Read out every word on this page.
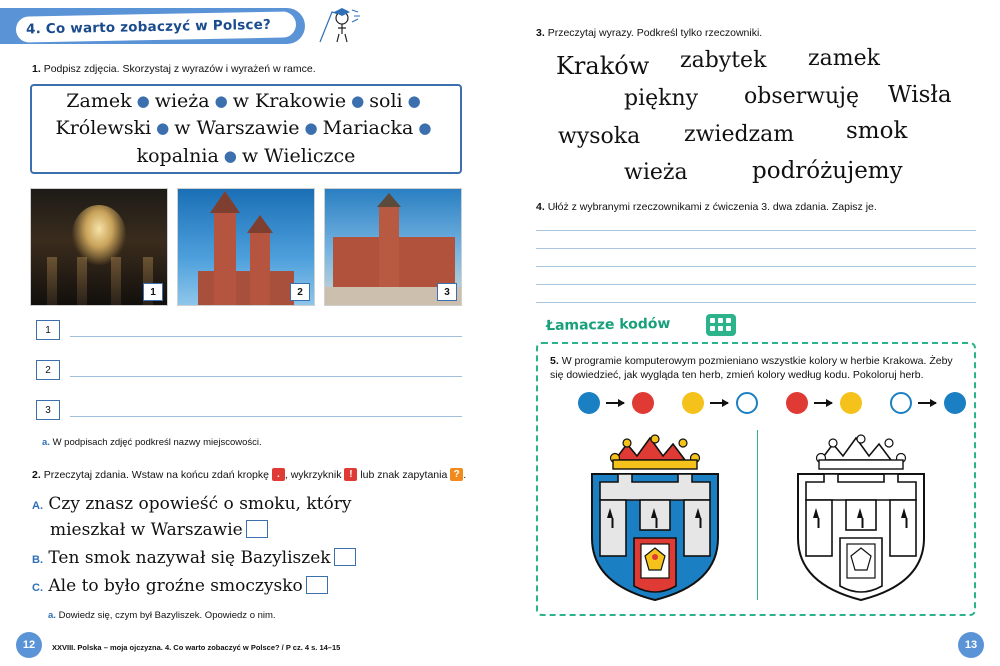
4. Co warto zobaczyć w Polsce?
1. Podpisz zdjęcia. Skorzystaj z wyrazów i wyrażeń w ramce.
Zamek ● wieża ● w Krakowie ● soli ●
Królewski ● w Warszawie ● Mariacka ●
kopalnia ● w Wieliczce
1	2	3
1
2
3
a. W podpisach zdjęć podkreśl nazwy miejscowości.
2. Przeczytaj zdania. Wstaw na końcu zdań kropkę . , wykrzyknik ! lub znak zapytania ? .
A. Czy znasz opowieść o smoku, który
mieszkał w Warszawie
B. Ten smok nazywał się Bazyliszek
C. Ale to było groźne smoczysko
a. Dowiedz się, czym był Bazyliszek. Opowiedz o nim.
XXVIII. Polska – moja ojczyzna. 4. Co warto zobaczyć w Polsce? / P cz. 4 s. 14–15
12
3. Przeczytaj wyrazy. Podkreśl tylko rzeczowniki.
Kraków zabytek zamek
piękny obserwuję Wisła
wysoka zwiedzam smok
wieża	podróżujemy
4. Ułóż z wybranymi rzeczownikami z ćwiczenia 3. dwa zdania. Zapisz je.
Łamacze kodów
5. W programie komputerowym pozmieniano wszystkie kolory w herbie Krakowa. Żeby się dowiedzieć, jak wygląda ten herb, zmień kolory według kodu. Pokoloruj herb.
13
